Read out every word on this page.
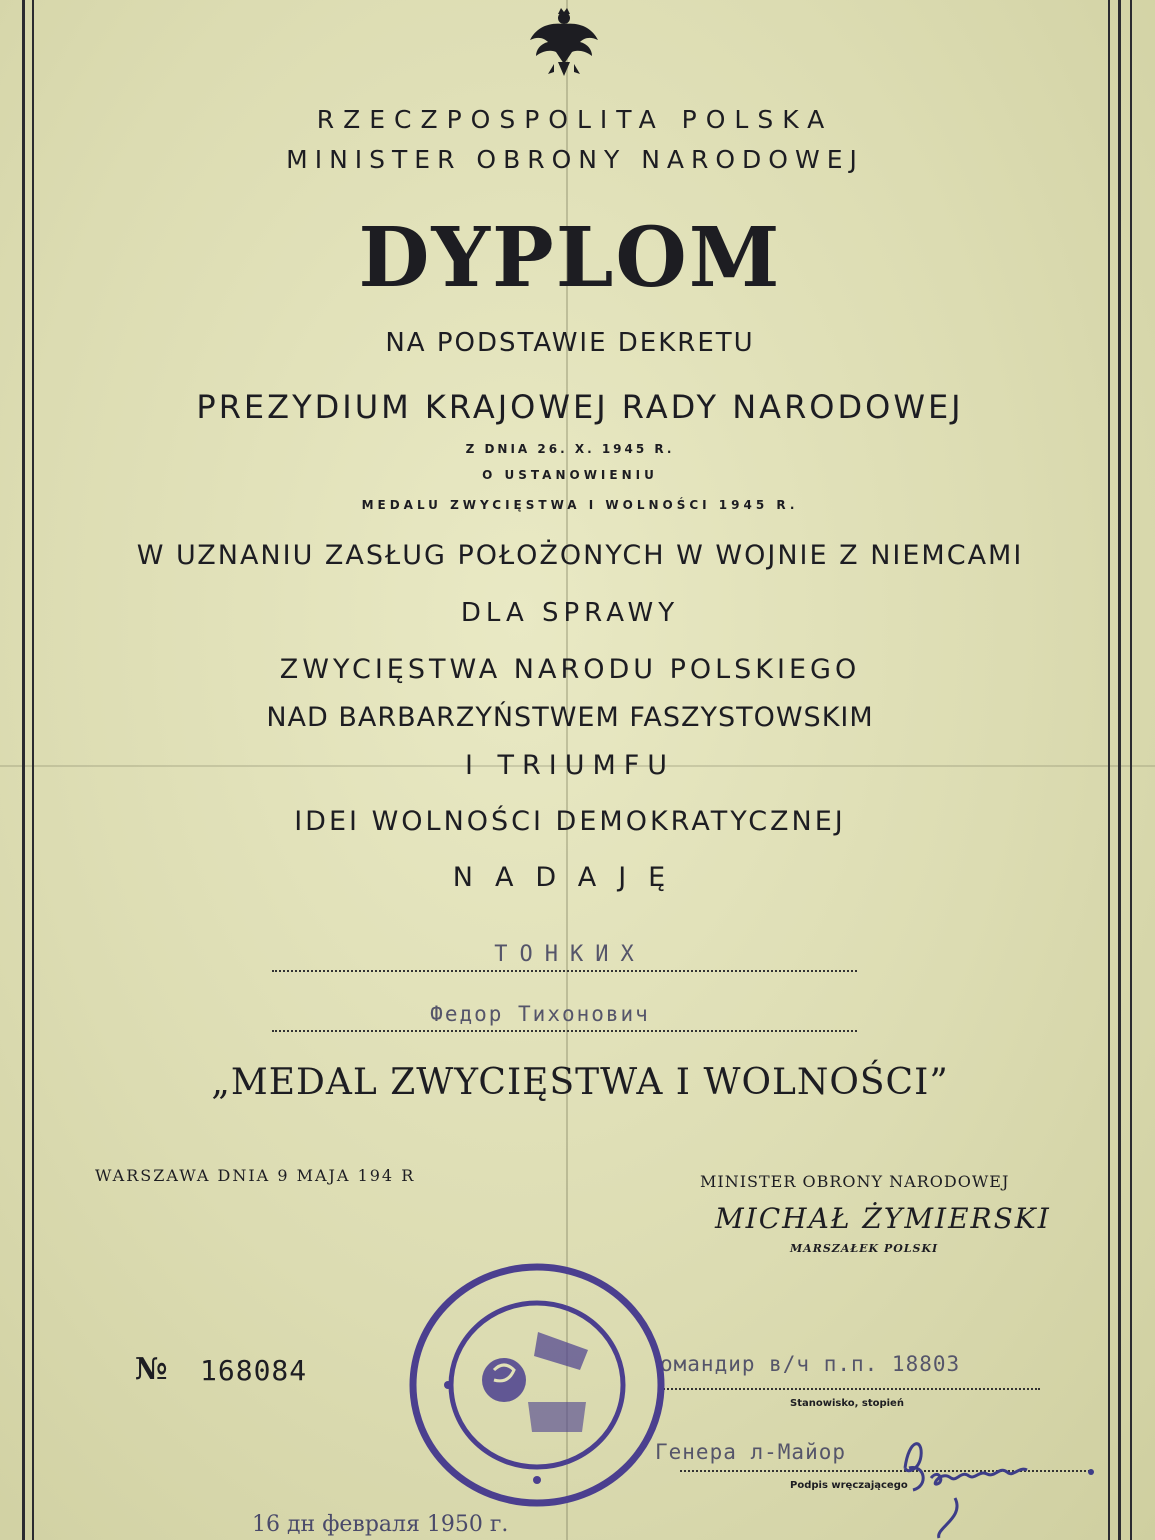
RZECZPOSPOLITA POLSKA
MINISTER OBRONY NARODOWEJ
DYPLOM
NA PODSTAWIE DEKRETU
PREZYDIUM KRAJOWEJ RADY NARODOWEJ
Z DNIA 26. X. 1945 R.
O USTANOWIENIU
MEDALU ZWYCIĘSTWA I WOLNOŚCI 1945 R.
W UZNANIU ZASŁUG POŁOŻONYCH W WOJNIE Z NIEMCAMI
DLA SPRAWY
ZWYCIĘSTWA NARODU POLSKIEGO
NAD BARBARZYŃSTWEM FASZYSTOWSKIM
I TRIUMFU
IDEI WOLNOŚCI DEMOKRATYCZNEJ
NADAJĘ
ТОНКИХ
Федор Тихонович
„MEDAL ZWYCIĘSTWA I WOLNOŚCI”
WARSZAWA DNIA 9 MAJA 194 R	MINISTER OBRONY NARODOWEJ
MICHAŁ ŻYMIERSKI
MARSZAŁEK POLSKI
№ 168084	омандир в/ч п.п. 18803
Stanowisko, stopień
Генера л-Майор
Podpis wręczającego
16 дн февраля 1950 г.
